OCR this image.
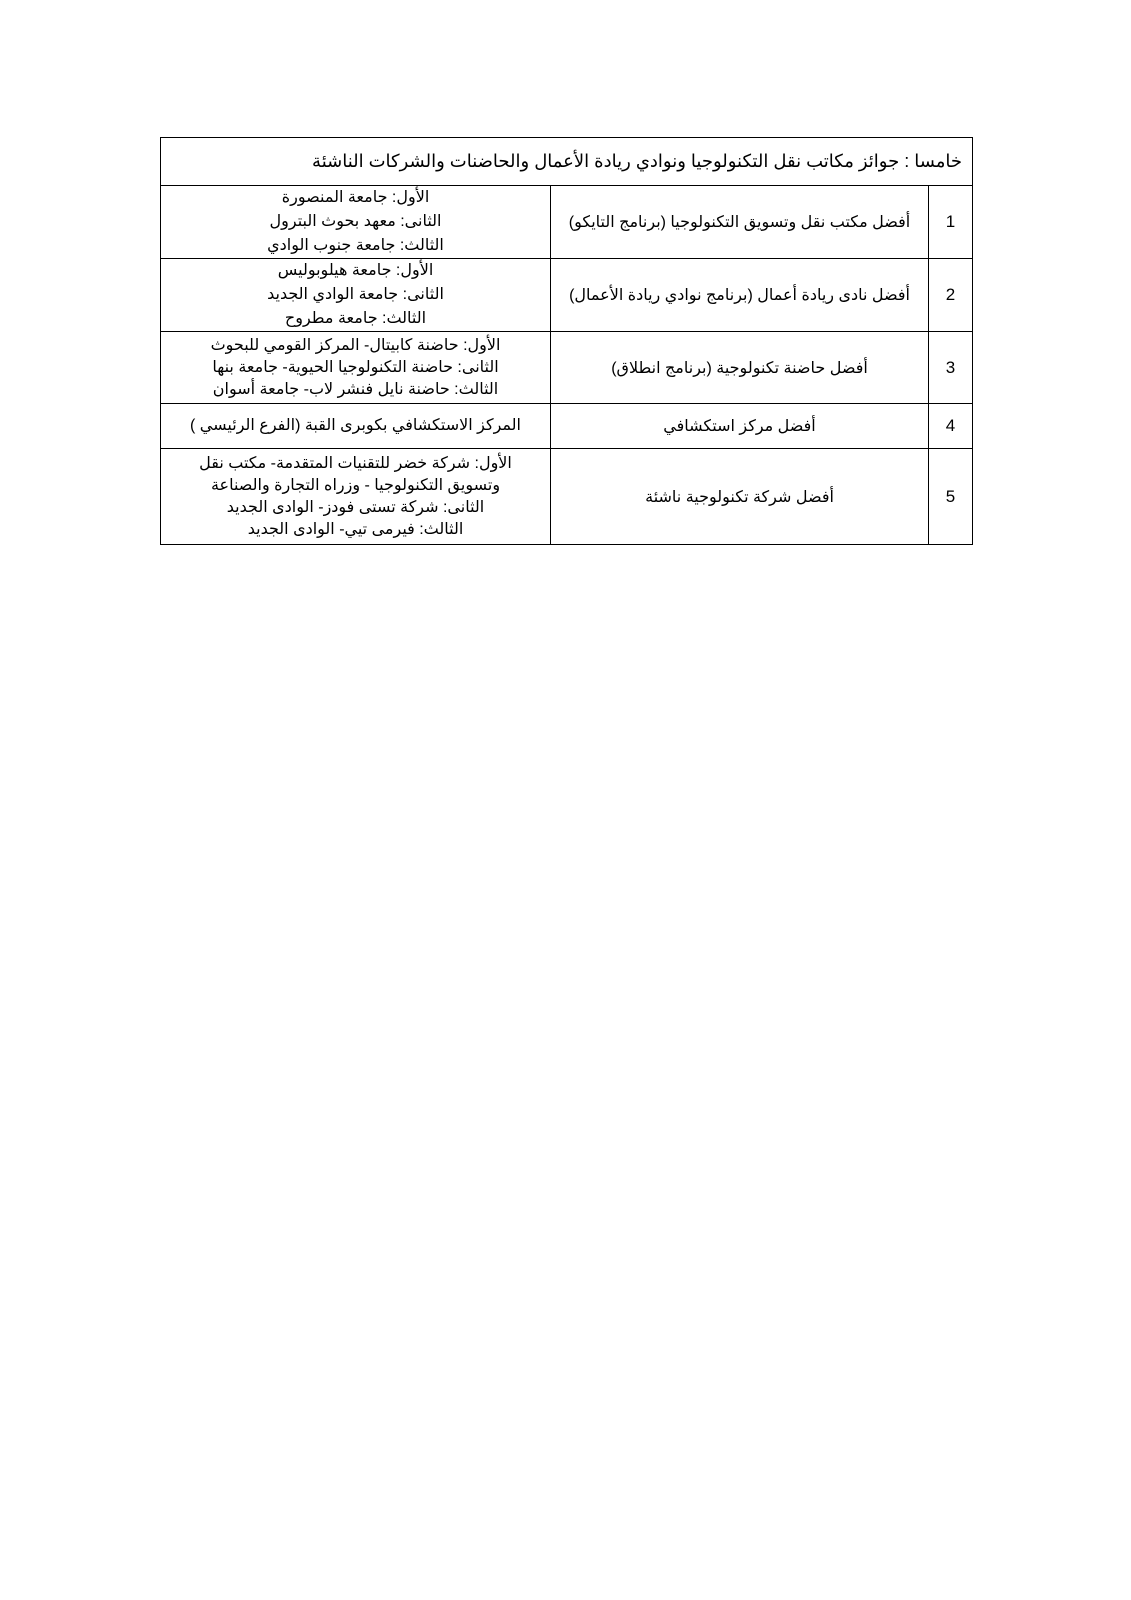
خامسا : جوائز مكاتب نقل التكنولوجيا ونوادي ريادة الأعمال والحاضنات والشركات الناشئة		
1	أفضل مكتب نقل وتسويق التكنولوجيا (برنامج التايكو)	الأول: جامعة المنصورة
الثانى: معهد بحوث البترول
الثالث: جامعة جنوب الوادي

2	أفضل نادى ريادة أعمال (برنامج نوادي ريادة الأعمال)	الأول: جامعة هيلوبوليس
الثانى: جامعة الوادي الجديد
الثالث: جامعة مطروح

3	أفضل حاضنة تكنولوجية (برنامج انطلاق)	الأول: حاضنة كابيتال- المركز القومي للبحوث
الثانى: حاضنة التكنولوجيا الحيوية- جامعة بنها
الثالث: حاضنة نايل فنشر لاب- جامعة أسوان

4	أفضل مركز استكشافي	المركز الاستكشافي بكوبرى القبة (الفرع الرئيسي )

5	أفضل شركة تكنولوجية ناشئة	الأول: شركة خضر للتقنيات المتقدمة- مكتب نقل
وتسويق التكنولوجيا - وزراه التجارة والصناعة
الثانى: شركة تستى فودز- الوادى الجديد
الثالث: فيرمى تيي- الوادى الجديد
